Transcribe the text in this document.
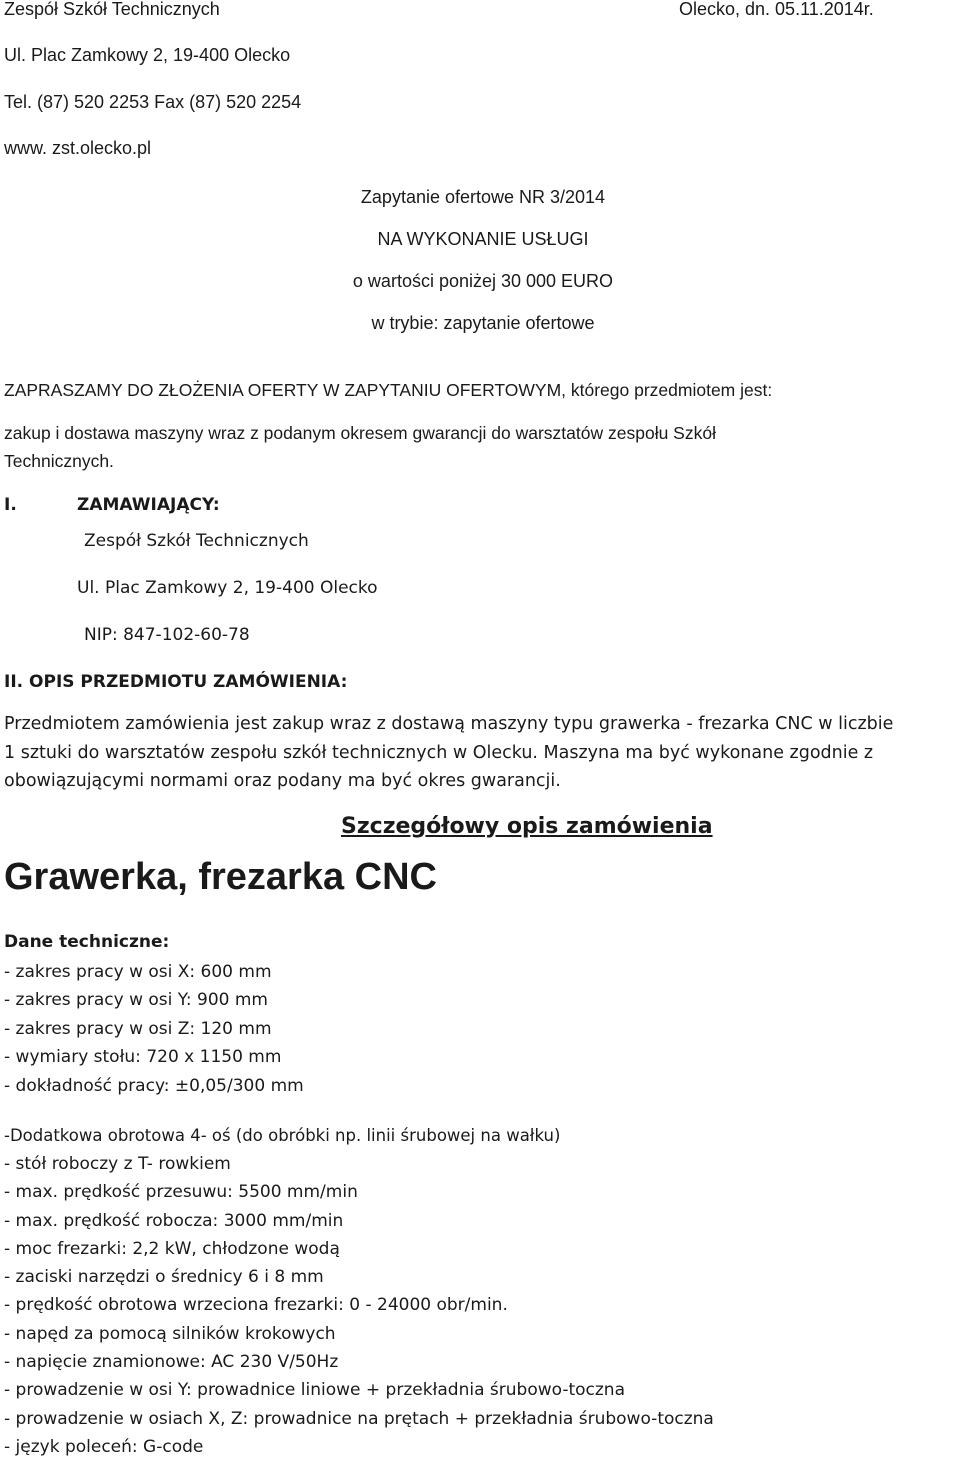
Zespół Szkół Technicznych	Olecko, dn. 05.11.2014r.
Ul. Plac Zamkowy 2, 19-400 Olecko
Tel. (87) 520 2253 Fax (87) 520 2254
www. zst.olecko.pl
Zapytanie ofertowe NR 3/2014
NA WYKONANIE USŁUGI
o wartości poniżej 30 000 EURO
w trybie: zapytanie ofertowe
ZAPRASZAMY DO ZŁOŻENIA OFERTY W ZAPYTANIU OFERTOWYM, którego przedmiotem jest:
zakup i dostawa maszyny wraz z podanym okresem gwarancji do warsztatów zespołu Szkół
Technicznych.
I.	ZAMAWIAJĄCY:
Zespół Szkół Technicznych
Ul. Plac Zamkowy 2, 19-400 Olecko
NIP: 847-102-60-78
II. OPIS PRZEDMIOTU ZAMÓWIENIA:
Przedmiotem zamówienia jest zakup wraz z dostawą maszyny typu grawerka - frezarka CNC w liczbie
1 sztuki do warsztatów zespołu szkół technicznych w Olecku. Maszyna ma być wykonane zgodnie z
obowiązującymi normami oraz podany ma być okres gwarancji.
Szczegółowy opis zamówienia
Grawerka, frezarka CNC
Dane techniczne:
- zakres pracy w osi X: 600 mm
- zakres pracy w osi Y: 900 mm
- zakres pracy w osi Z: 120 mm
- wymiary stołu: 720 x 1150 mm
- dokładność pracy: ±0,05/300 mm
-Dodatkowa obrotowa 4- oś (do obróbki np. linii śrubowej na wałku)
- stół roboczy z T- rowkiem
- max. prędkość przesuwu: 5500 mm/min
- max. prędkość robocza: 3000 mm/min
- moc frezarki: 2,2 kW, chłodzone wodą
- zaciski narzędzi o średnicy 6 i 8 mm
- prędkość obrotowa wrzeciona frezarki: 0 - 24000 obr/min.
- napęd za pomocą silników krokowych
- napięcie znamionowe: AC 230 V/50Hz
- prowadzenie w osi Y: prowadnice liniowe + przekładnia śrubowo-toczna
- prowadzenie w osiach X, Z: prowadnice na prętach + przekładnia śrubowo-toczna
- język poleceń: G-code
